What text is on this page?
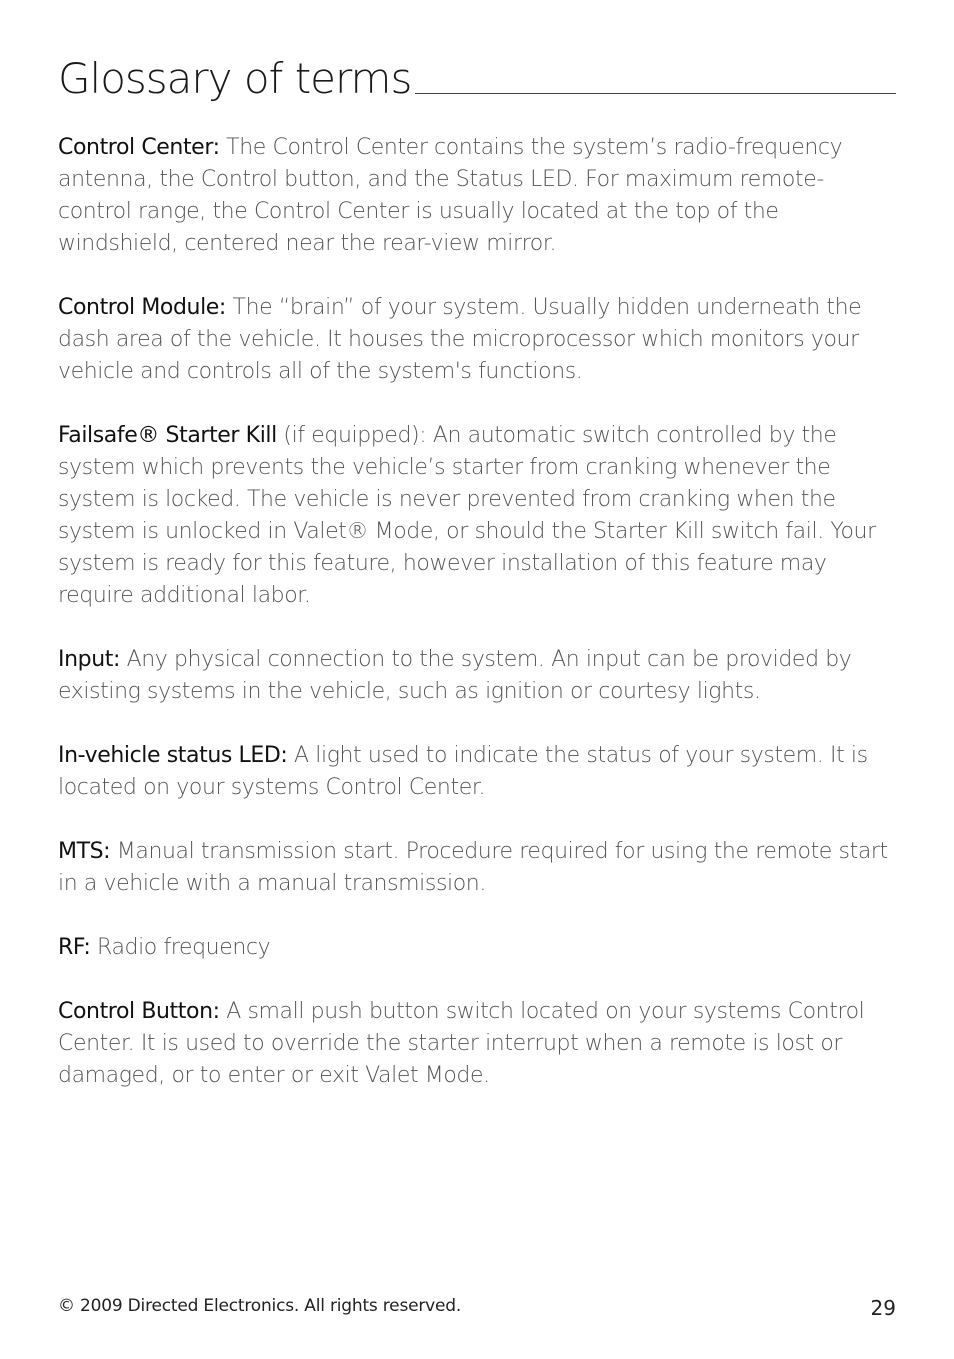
Glossary of terms

Control Center: The Control Center contains the system’s radio-frequency antenna, the Control button, and the Status LED. For maximum remote-control range, the Control Center is usually located at the top of the windshield, centered near the rear-view mirror.

Control Module: The “brain” of your system. Usually hidden underneath the dash area of the vehicle. It houses the microprocessor which monitors your vehicle and controls all of the system's functions.

Failsafe® Starter Kill (if equipped): An automatic switch controlled by the system which prevents the vehicle’s starter from cranking whenever the system is locked. The vehicle is never prevented from cranking when the system is unlocked in Valet® Mode, or should the Starter Kill switch fail. Your system is ready for this feature, however installation of this feature may require additional labor.

Input: Any physical connection to the system. An input can be provided by existing systems in the vehicle, such as ignition or courtesy lights.

In-vehicle status LED: A light used to indicate the status of your system. It is located on your systems Control Center.

MTS: Manual transmission start. Procedure required for using the remote start in a vehicle with a manual transmission.

RF: Radio frequency

Control Button: A small push button switch located on your systems Control Center. It is used to override the starter interrupt when a remote is lost or damaged, or to enter or exit Valet Mode.

© 2009 Directed Electronics. All rights reserved.	29
